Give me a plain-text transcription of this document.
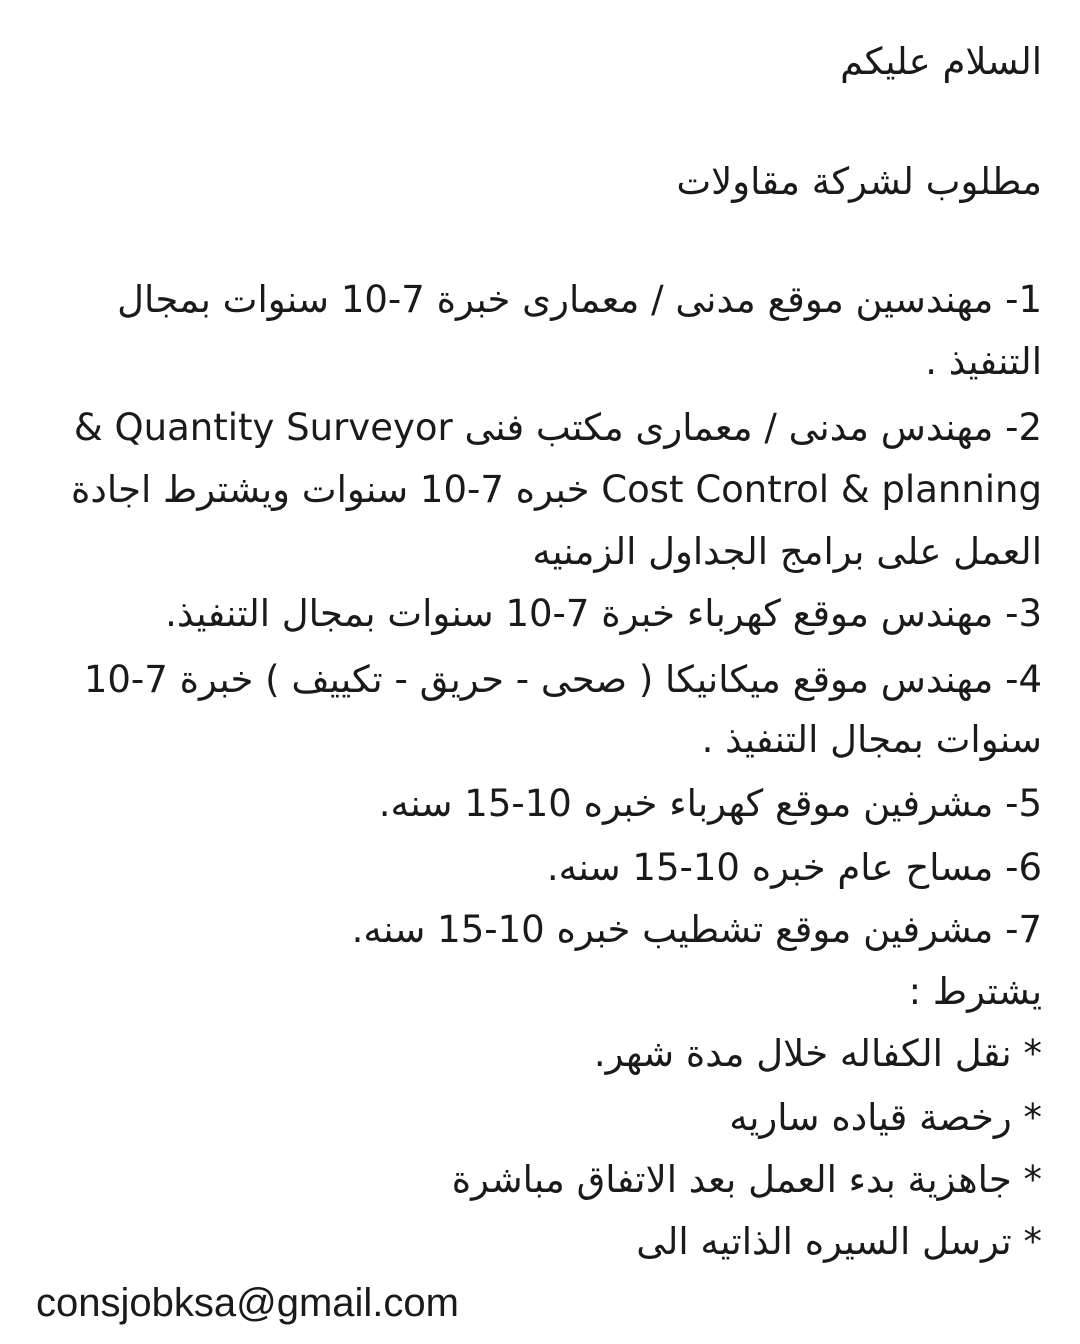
السلام عليكم
مطلوب لشركة مقاولات
1- مهندسين موقع مدنى / معمارى خبرة 7-10 سنوات بمجال
التنفيذ .
2- مهندس مدنى / معمارى مكتب فنى Quantity Surveyor &
Cost Control & planning خبره 7-10 سنوات ويشترط اجادة
العمل على برامج الجداول الزمنيه
3- مهندس موقع كهرباء خبرة 7-10 سنوات بمجال التنفيذ.
4- مهندس موقع ميكانيكا ( صحى - حريق - تكييف ) خبرة 7-10
سنوات بمجال التنفيذ .
5- مشرفين موقع كهرباء خبره 10-15 سنه.
6- مساح عام خبره 10-15 سنه.
7- مشرفين موقع تشطيب خبره 10-15 سنه.
يشترط :
* نقل الكفاله خلال مدة شهر.
* رخصة قياده ساريه
* جاهزية بدء العمل بعد الاتفاق مباشرة
* ترسل السيره الذاتيه الى
consjobksa@gmail.com
